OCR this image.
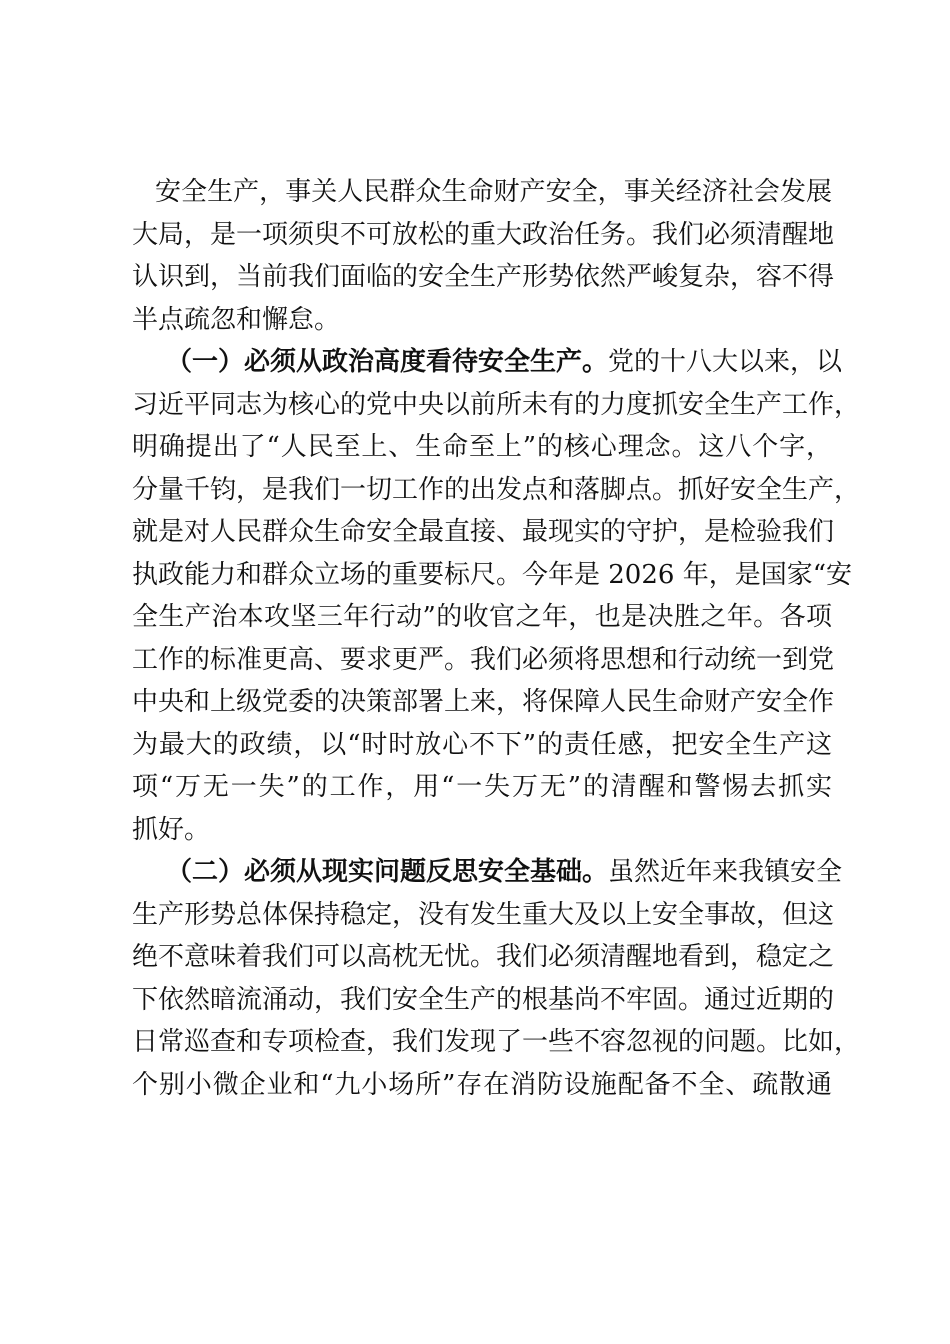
安全生产，事关人民群众生命财产安全，事关经济社会发展
大局，是一项须臾不可放松的重大政治任务。我们必须清醒地
认识到，当前我们面临的安全生产形势依然严峻复杂，容不得
半点疏忽和懈怠。
（一）必须从政治高度看待安全生产。党的十八大以来，以
习近平同志为核心的党中央以前所未有的力度抓安全生产工作，
明确提出了“人民至上、生命至上”的核心理念。这八个字，
分量千钧，是我们一切工作的出发点和落脚点。抓好安全生产，
就是对人民群众生命安全最直接、最现实的守护，是检验我们
执政能力和群众立场的重要标尺。今年是 2026 年，是国家“安
全生产治本攻坚三年行动”的收官之年，也是决胜之年。各项
工作的标准更高、要求更严。我们必须将思想和行动统一到党
中央和上级党委的决策部署上来，将保障人民生命财产安全作
为最大的政绩，以“时时放心不下”的责任感，把安全生产这
项“万无一失”的工作，用“一失万无”的清醒和警惕去抓实
抓好。
（二）必须从现实问题反思安全基础。虽然近年来我镇安全
生产形势总体保持稳定，没有发生重大及以上安全事故，但这
绝不意味着我们可以高枕无忧。我们必须清醒地看到，稳定之
下依然暗流涌动，我们安全生产的根基尚不牢固。通过近期的
日常巡查和专项检查，我们发现了一些不容忽视的问题。比如，
个别小微企业和“九小场所”存在消防设施配备不全、疏散通
